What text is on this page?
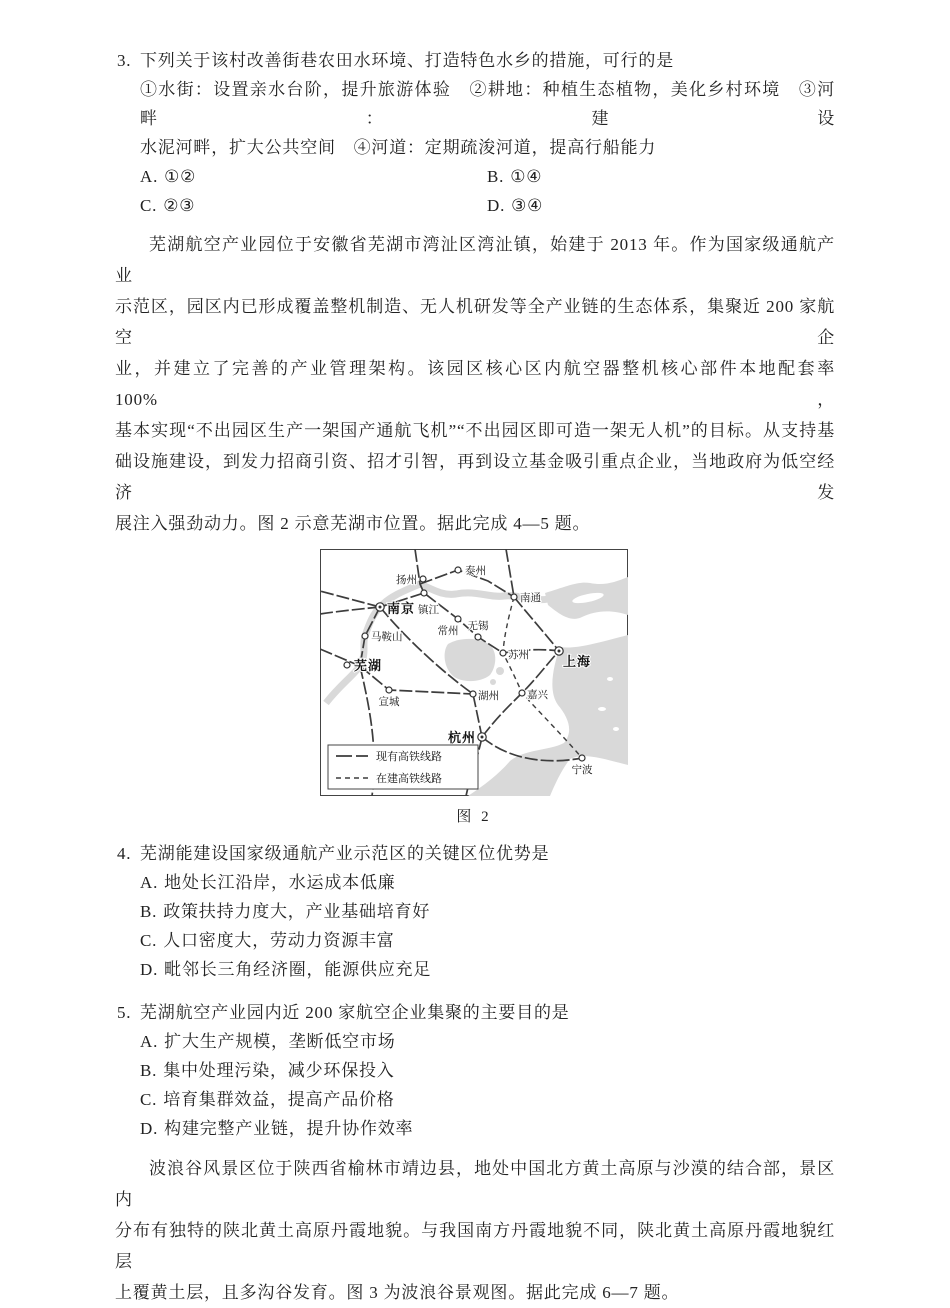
3. 下列关于该村改善街巷农田水环境、打造特色水乡的措施，可行的是
①水街：设置亲水台阶，提升旅游体验　②耕地：种植生态植物，美化乡村环境　③河畔：建设
水泥河畔，扩大公共空间　④河道：定期疏浚河道，提高行船能力
A. ①②	B. ①④
C. ②③	D. ③④
芜湖航空产业园位于安徽省芜湖市湾沚区湾沚镇，始建于 2013 年。作为国家级通航产业
示范区，园区内已形成覆盖整机制造、无人机研发等全产业链的生态体系，集聚近 200 家航空企
业，并建立了完善的产业管理架构。该园区核心区内航空器整机核心部件本地配套率 100%，
基本实现“不出园区生产一架国产通航飞机”“不出园区即可造一架无人机”的目标。从支持基
础设施建设，到发力招商引资、招才引智，再到设立基金吸引重点企业，当地政府为低空经济发
展注入强劲动力。图 2 示意芜湖市位置。据此完成 4—5 题。
泰州
扬州
镇江
南京
南通
常州 无锡
马鞍山
苏州	上海
芜湖
宣城
湖州	嘉兴
杭州
宁波
现有高铁线路
在建高铁线路
图 2
4. 芜湖能建设国家级通航产业示范区的关键区位优势是
A. 地处长江沿岸，水运成本低廉
B. 政策扶持力度大，产业基础培育好
C. 人口密度大，劳动力资源丰富
D. 毗邻长三角经济圈，能源供应充足
5. 芜湖航空产业园内近 200 家航空企业集聚的主要目的是
A. 扩大生产规模，垄断低空市场
B. 集中处理污染，减少环保投入
C. 培育集群效益，提高产品价格
D. 构建完整产业链，提升协作效率
波浪谷风景区位于陕西省榆林市靖边县，地处中国北方黄土高原与沙漠的结合部，景区内
分布有独特的陕北黄土高原丹霞地貌。与我国南方丹霞地貌不同，陕北黄土高原丹霞地貌红层
上覆黄土层，且多沟谷发育。图 3 为波浪谷景观图。据此完成 6—7 题。
